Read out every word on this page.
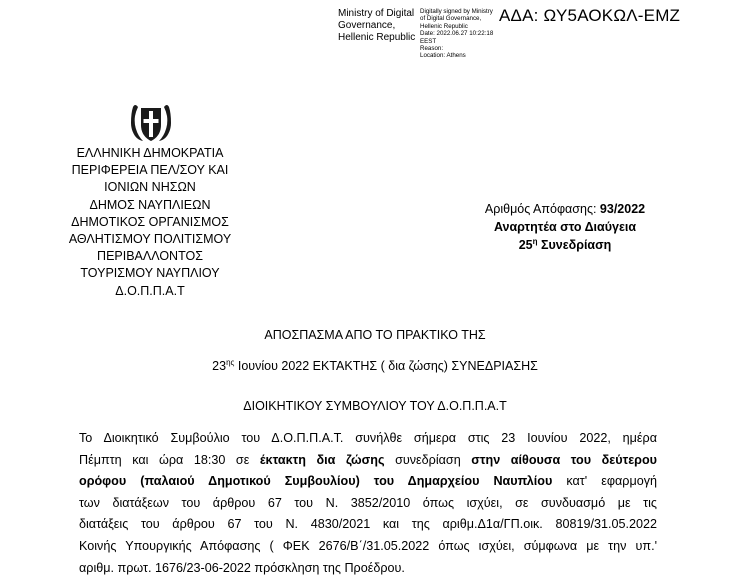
ΑΔΑ: ΩΥ5ΑΟΚΩΛ-ΕΜΖ
Ministry of Digital
Governance,
Hellenic Republic
Digitally signed by Ministry
of Digital Governance,
Hellenic Republic
Date: 2022.06.27 10:22:18
EEST
Reason:
Location: Athens
ΕΛΛΗΝΙΚΗ ΔΗΜΟΚΡΑΤΙΑ
ΠΕΡΙΦΕΡΕΙΑ ΠΕΛ/ΣΟΥ ΚΑΙ
ΙΟΝΙΩΝ ΝΗΣΩΝ
ΔΗΜΟΣ ΝΑΥΠΛΙΕΩΝ
ΔΗΜΟΤΙΚΟΣ ΟΡΓΑΝΙΣΜΟΣ
ΑΘΛΗΤΙΣΜΟΥ ΠΟΛΙΤΙΣΜΟΥ
ΠΕΡΙΒΑΛΛΟΝΤΟΣ
ΤΟΥΡΙΣΜΟΥ ΝΑΥΠΛΙΟΥ
Δ.Ο.Π.Π.Α.Τ
Αριθμός Απόφασης: 93/2022
Αναρτητέα στο Διαύγεια
$25^\eta$ Συνεδρίαση
ΑΠΟΣΠΑΣΜΑ ΑΠΟ ΤΟ ΠΡΑΚΤΙΚΟ ΤΗΣ
$23^{\eta\varsigma}$ Ιουνίου 2022 ΕΚΤΑΚΤΗΣ ( δια ζώσης) ΣΥΝΕΔΡΙΑΣΗΣ
ΔΙΟΙΚΗΤΙΚΟΥ ΣΥΜΒΟΥΛΙΟΥ ΤΟΥ Δ.Ο.Π.Π.Α.Τ
Το Διοικητικό Συμβούλιο του Δ.Ο.Π.Π.Α.Τ. συνήλθε σήμερα στις 23 Ιουνίου 2022, ημέρα
Πέμπτη και ώρα 18:30 σε έκτακτη δια ζώσης συνεδρίαση στην αίθουσα του δεύτερου
ορόφου (παλαιού Δημοτικού Συμβουλίου) του Δημαρχείου Ναυπλίου κατ' εφαρμογή
των διατάξεων του άρθρου 67 του Ν. 3852/2010 όπως ισχύει, σε συνδυασμό με τις
διατάξεις του άρθρου 67 του Ν. 4830/2021 και της αριθμ.Δ1α/ΓΠ.οικ. 80819/31.05.2022
Κοινής Υπουργικής Απόφασης ( ΦΕΚ 2676/Β΄/31.05.2022 όπως ισχύει, σύμφωνα με την υπ.'
αριθμ. πρωτ. 1676/23-06-2022 πρόσκληση της Προέδρου.
